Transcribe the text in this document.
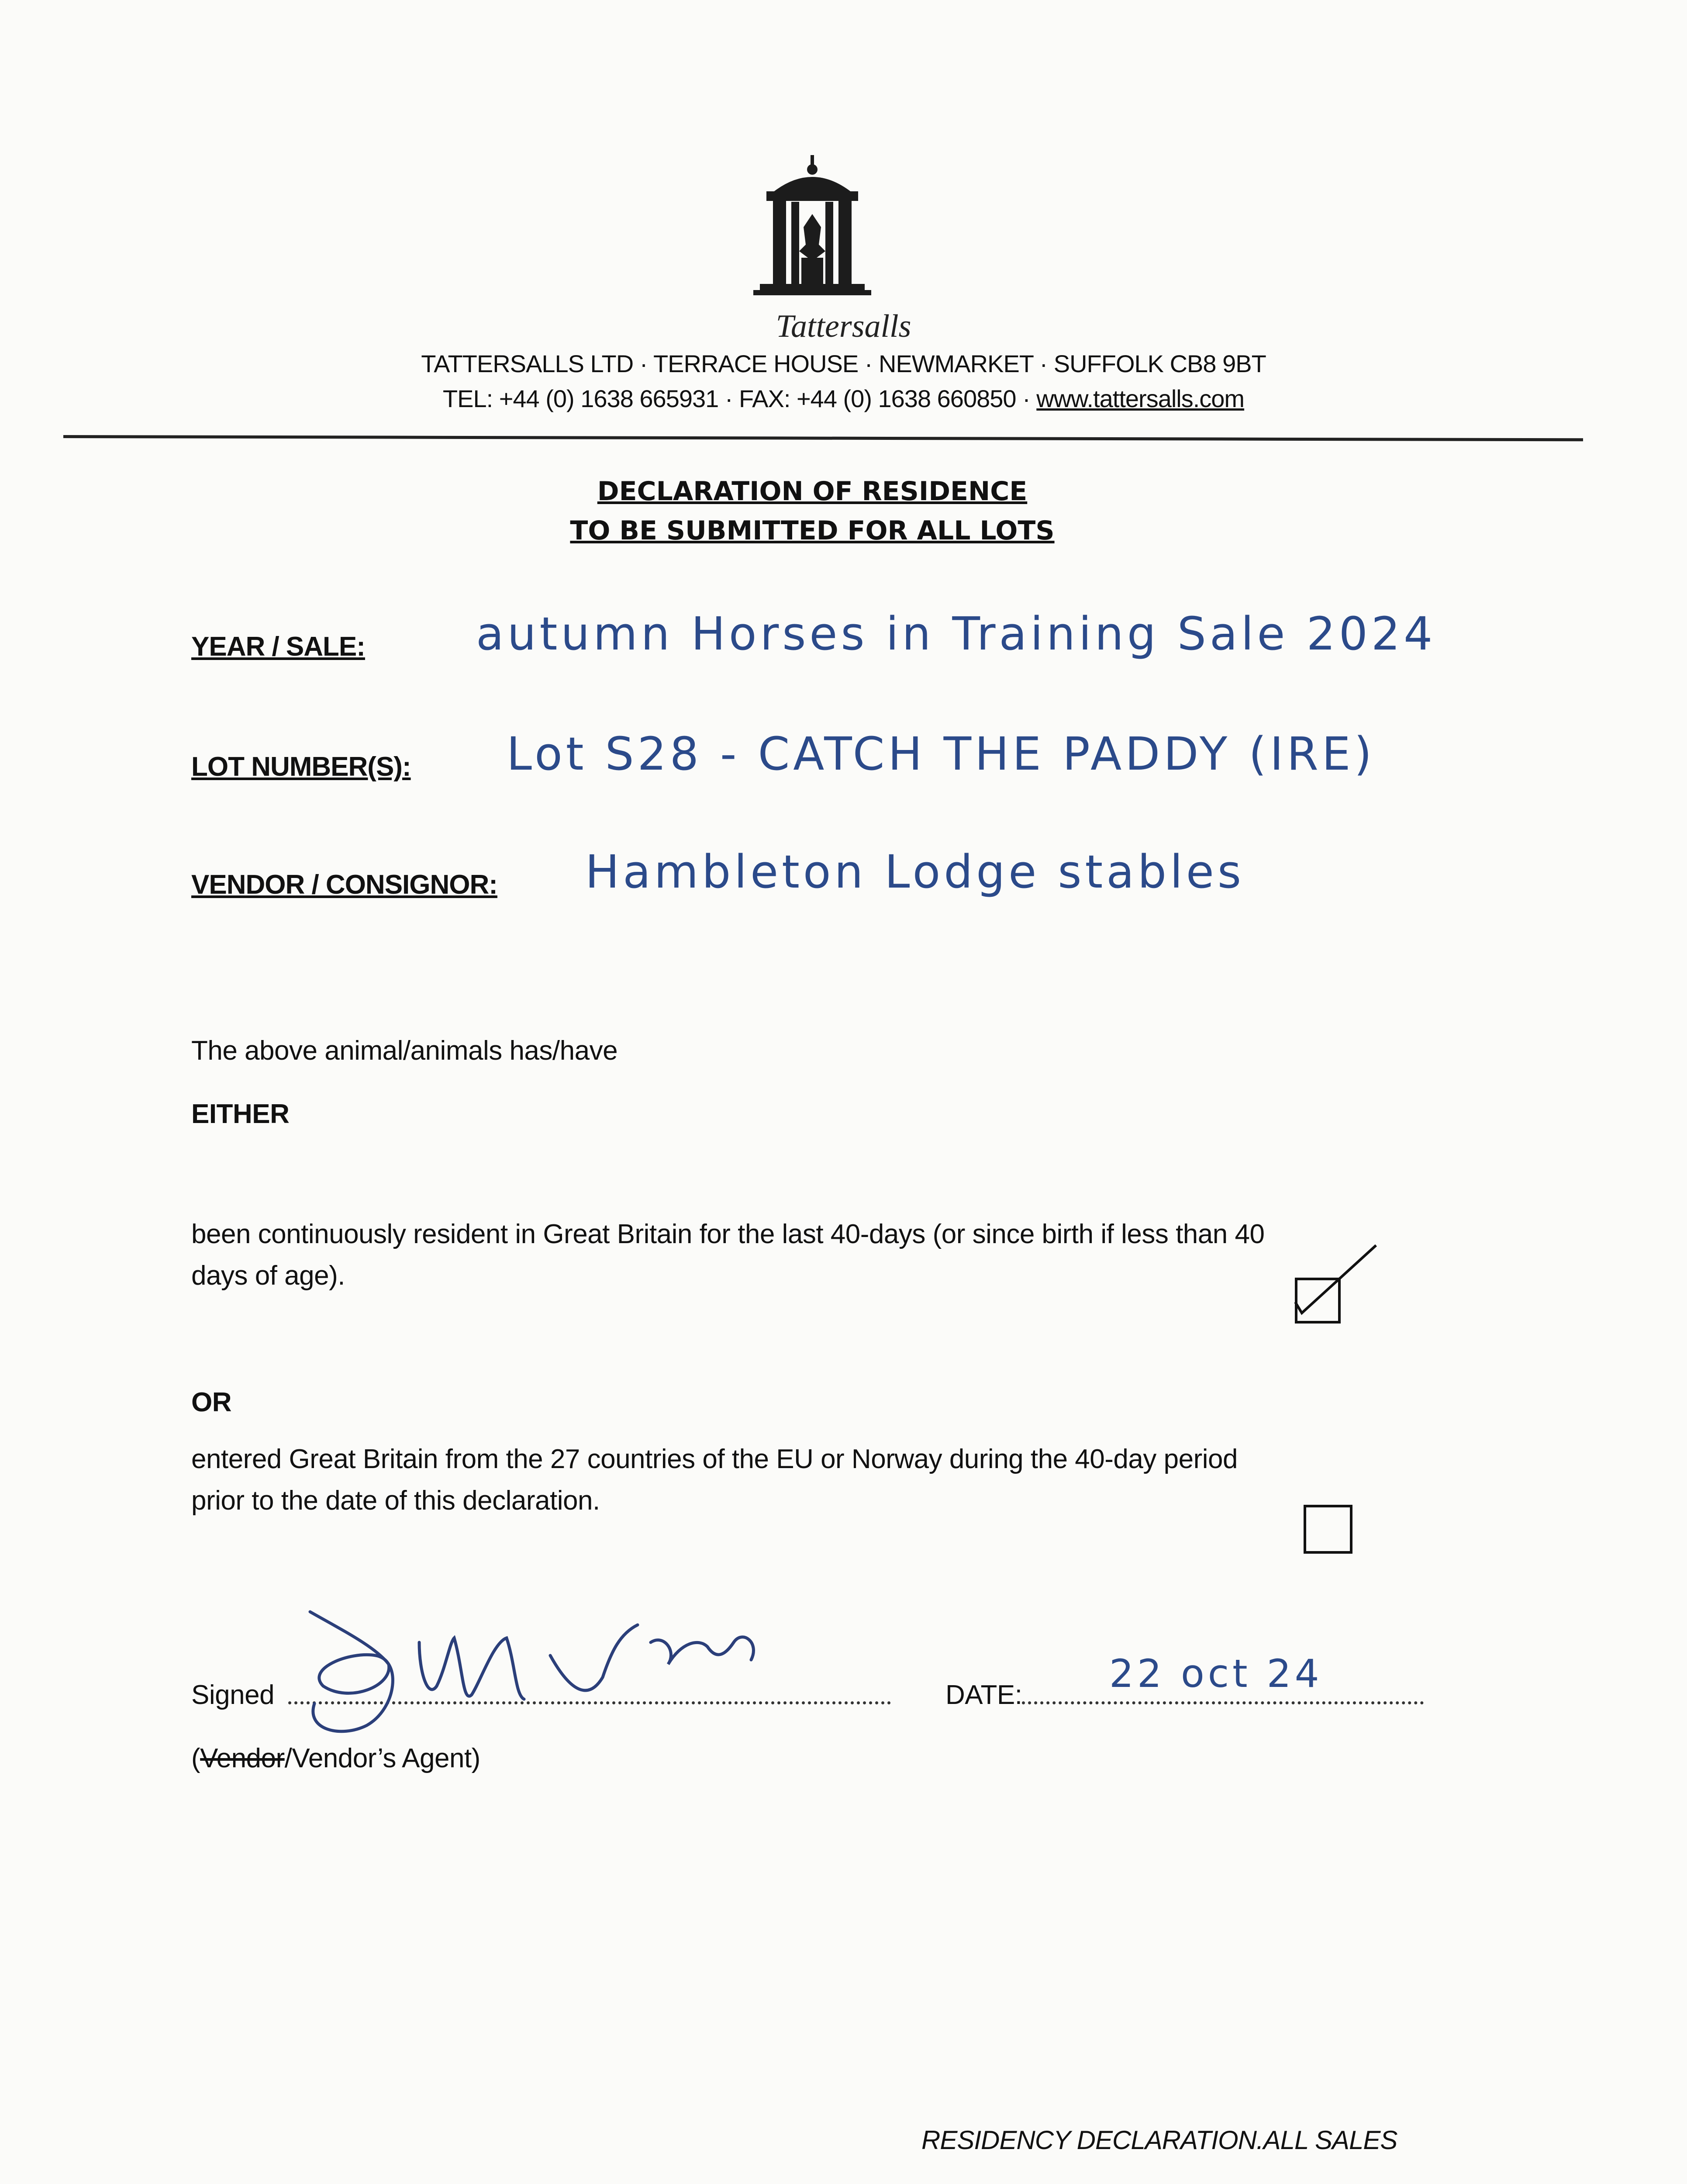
Tattersalls
TATTERSALLS LTD · TERRACE HOUSE · NEWMARKET · SUFFOLK CB8 9BT
TEL: +44 (0) 1638 665931 · FAX: +44 (0) 1638 660850 · www.tattersalls.com
DECLARATION OF RESIDENCE
TO BE SUBMITTED FOR ALL LOTS
YEAR / SALE: autumn Horses in Training Sale 2024
LOT NUMBER(S): Lot S28 - CATCH THE PADDY (IRE)
VENDOR / CONSIGNOR: Hambleton Lodge stables
The above animal/animals has/have
EITHER
been continuously resident in Great Britain for the last 40-days (or since birth if less than 40
days of age).
OR
entered Great Britain from the 27 countries of the EU or Norway during the 40-day period
prior to the date of this declaration.
Signed	DATE: 22 oct 24
(Vendor/Vendor’s Agent)
RESIDENCY DECLARATION.ALL SALES
